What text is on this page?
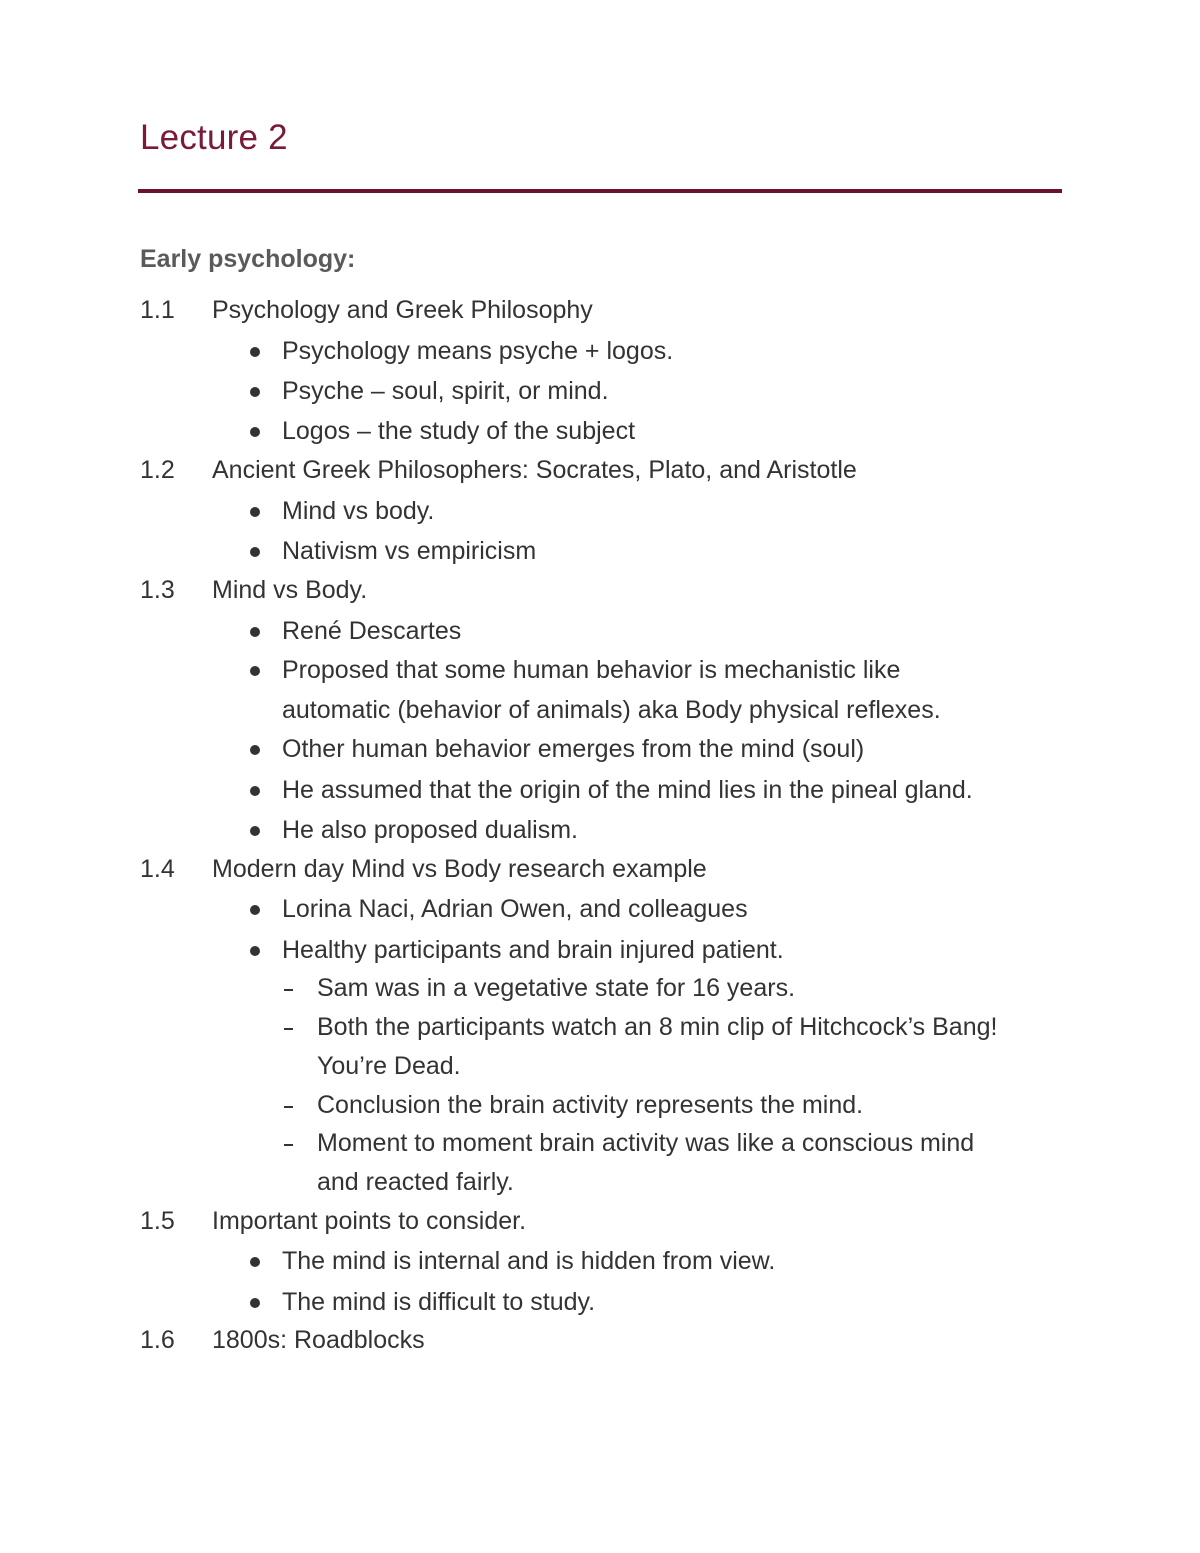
Lecture 2
Early psychology:
1.1 Psychology and Greek Philosophy
Psychology means psyche + logos.
Psyche – soul, spirit, or mind.
Logos – the study of the subject
1.2 Ancient Greek Philosophers: Socrates, Plato, and Aristotle
Mind vs body.
Nativism vs empiricism
1.3 Mind vs Body.
René Descartes
Proposed that some human behavior is mechanistic like
automatic (behavior of animals) aka Body physical reflexes.
Other human behavior emerges from the mind (soul)
He assumed that the origin of the mind lies in the pineal gland.
He also proposed dualism.
1.4 Modern day Mind vs Body research example
Lorina Naci, Adrian Owen, and colleagues
Healthy participants and brain injured patient.
Sam was in a vegetative state for 16 years.
Both the participants watch an 8 min clip of Hitchcock’s Bang!
You’re Dead.
Conclusion the brain activity represents the mind.
Moment to moment brain activity was like a conscious mind
and reacted fairly.
1.5 Important points to consider.
The mind is internal and is hidden from view.
The mind is difficult to study.
1.6 1800s: Roadblocks
